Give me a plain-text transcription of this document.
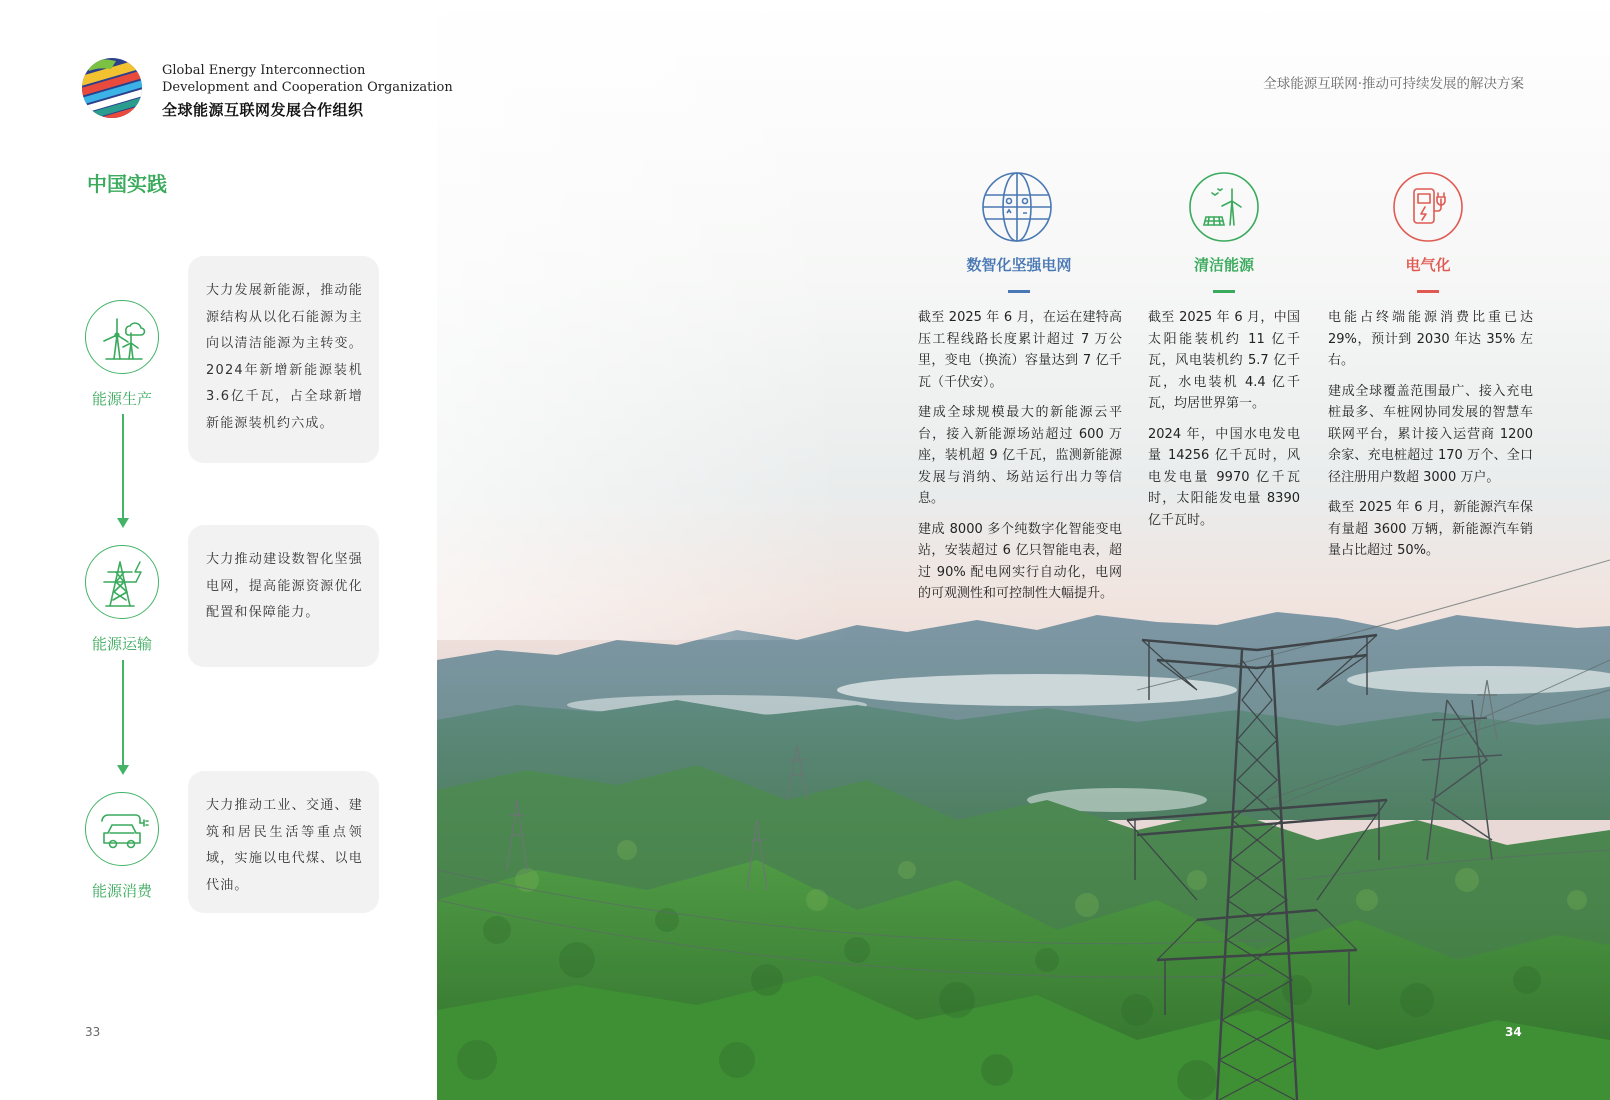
Global Energy Interconnection
Development and Cooperation Organization
全球能源互联网发展合作组织
全球能源互联网·推动可持续发展的解决方案
中国实践
能源生产
大力发展新能源，推动能源结构从以化石能源为主向以清洁能源为主转变。2024年新增新能源装机3.6亿千瓦，占全球新增新能源装机约六成。
能源运输
大力推动建设数智化坚强电网，提高能源资源优化配置和保障能力。
能源消费
大力推动工业、交通、建筑和居民生活等重点领域，实施以电代煤、以电代油。
33
数智化坚强电网

截至 2025 年 6 月，在运在建特高压工程线路长度累计超过 7 万公里，变电（换流）容量达到 7 亿千瓦（千伏安）。

建成全球规模最大的新能源云平台，接入新能源场站超过 600 万座，装机超 9 亿千瓦，监测新能源发展与消纳、场站运行出力等信息。

建成 8000 多个纯数字化智能变电站，安装超过 6 亿只智能电表，超过 90% 配电网实行自动化，电网的可观测性和可控制性大幅提升。

清洁能源

截至 2025 年 6 月，中国太阳能装机约 11 亿千瓦，风电装机约 5.7 亿千瓦，水电装机 4.4 亿千瓦，均居世界第一。

2024 年，中国水电发电量 14256 亿千瓦时，风电发电量 9970 亿千瓦时，太阳能发电量 8390 亿千瓦时。

电气化

电能占终端能源消费比重已达 29%，预计到 2030 年达 35% 左右。

建成全球覆盖范围最广、接入充电桩最多、车桩网协同发展的智慧车联网平台，累计接入运营商 1200 余家、充电桩超过 170 万个、全口径注册用户数超 3000 万户。

截至 2025 年 6 月，新能源汽车保有量超 3600 万辆，新能源汽车销量占比超过 50%。

34
